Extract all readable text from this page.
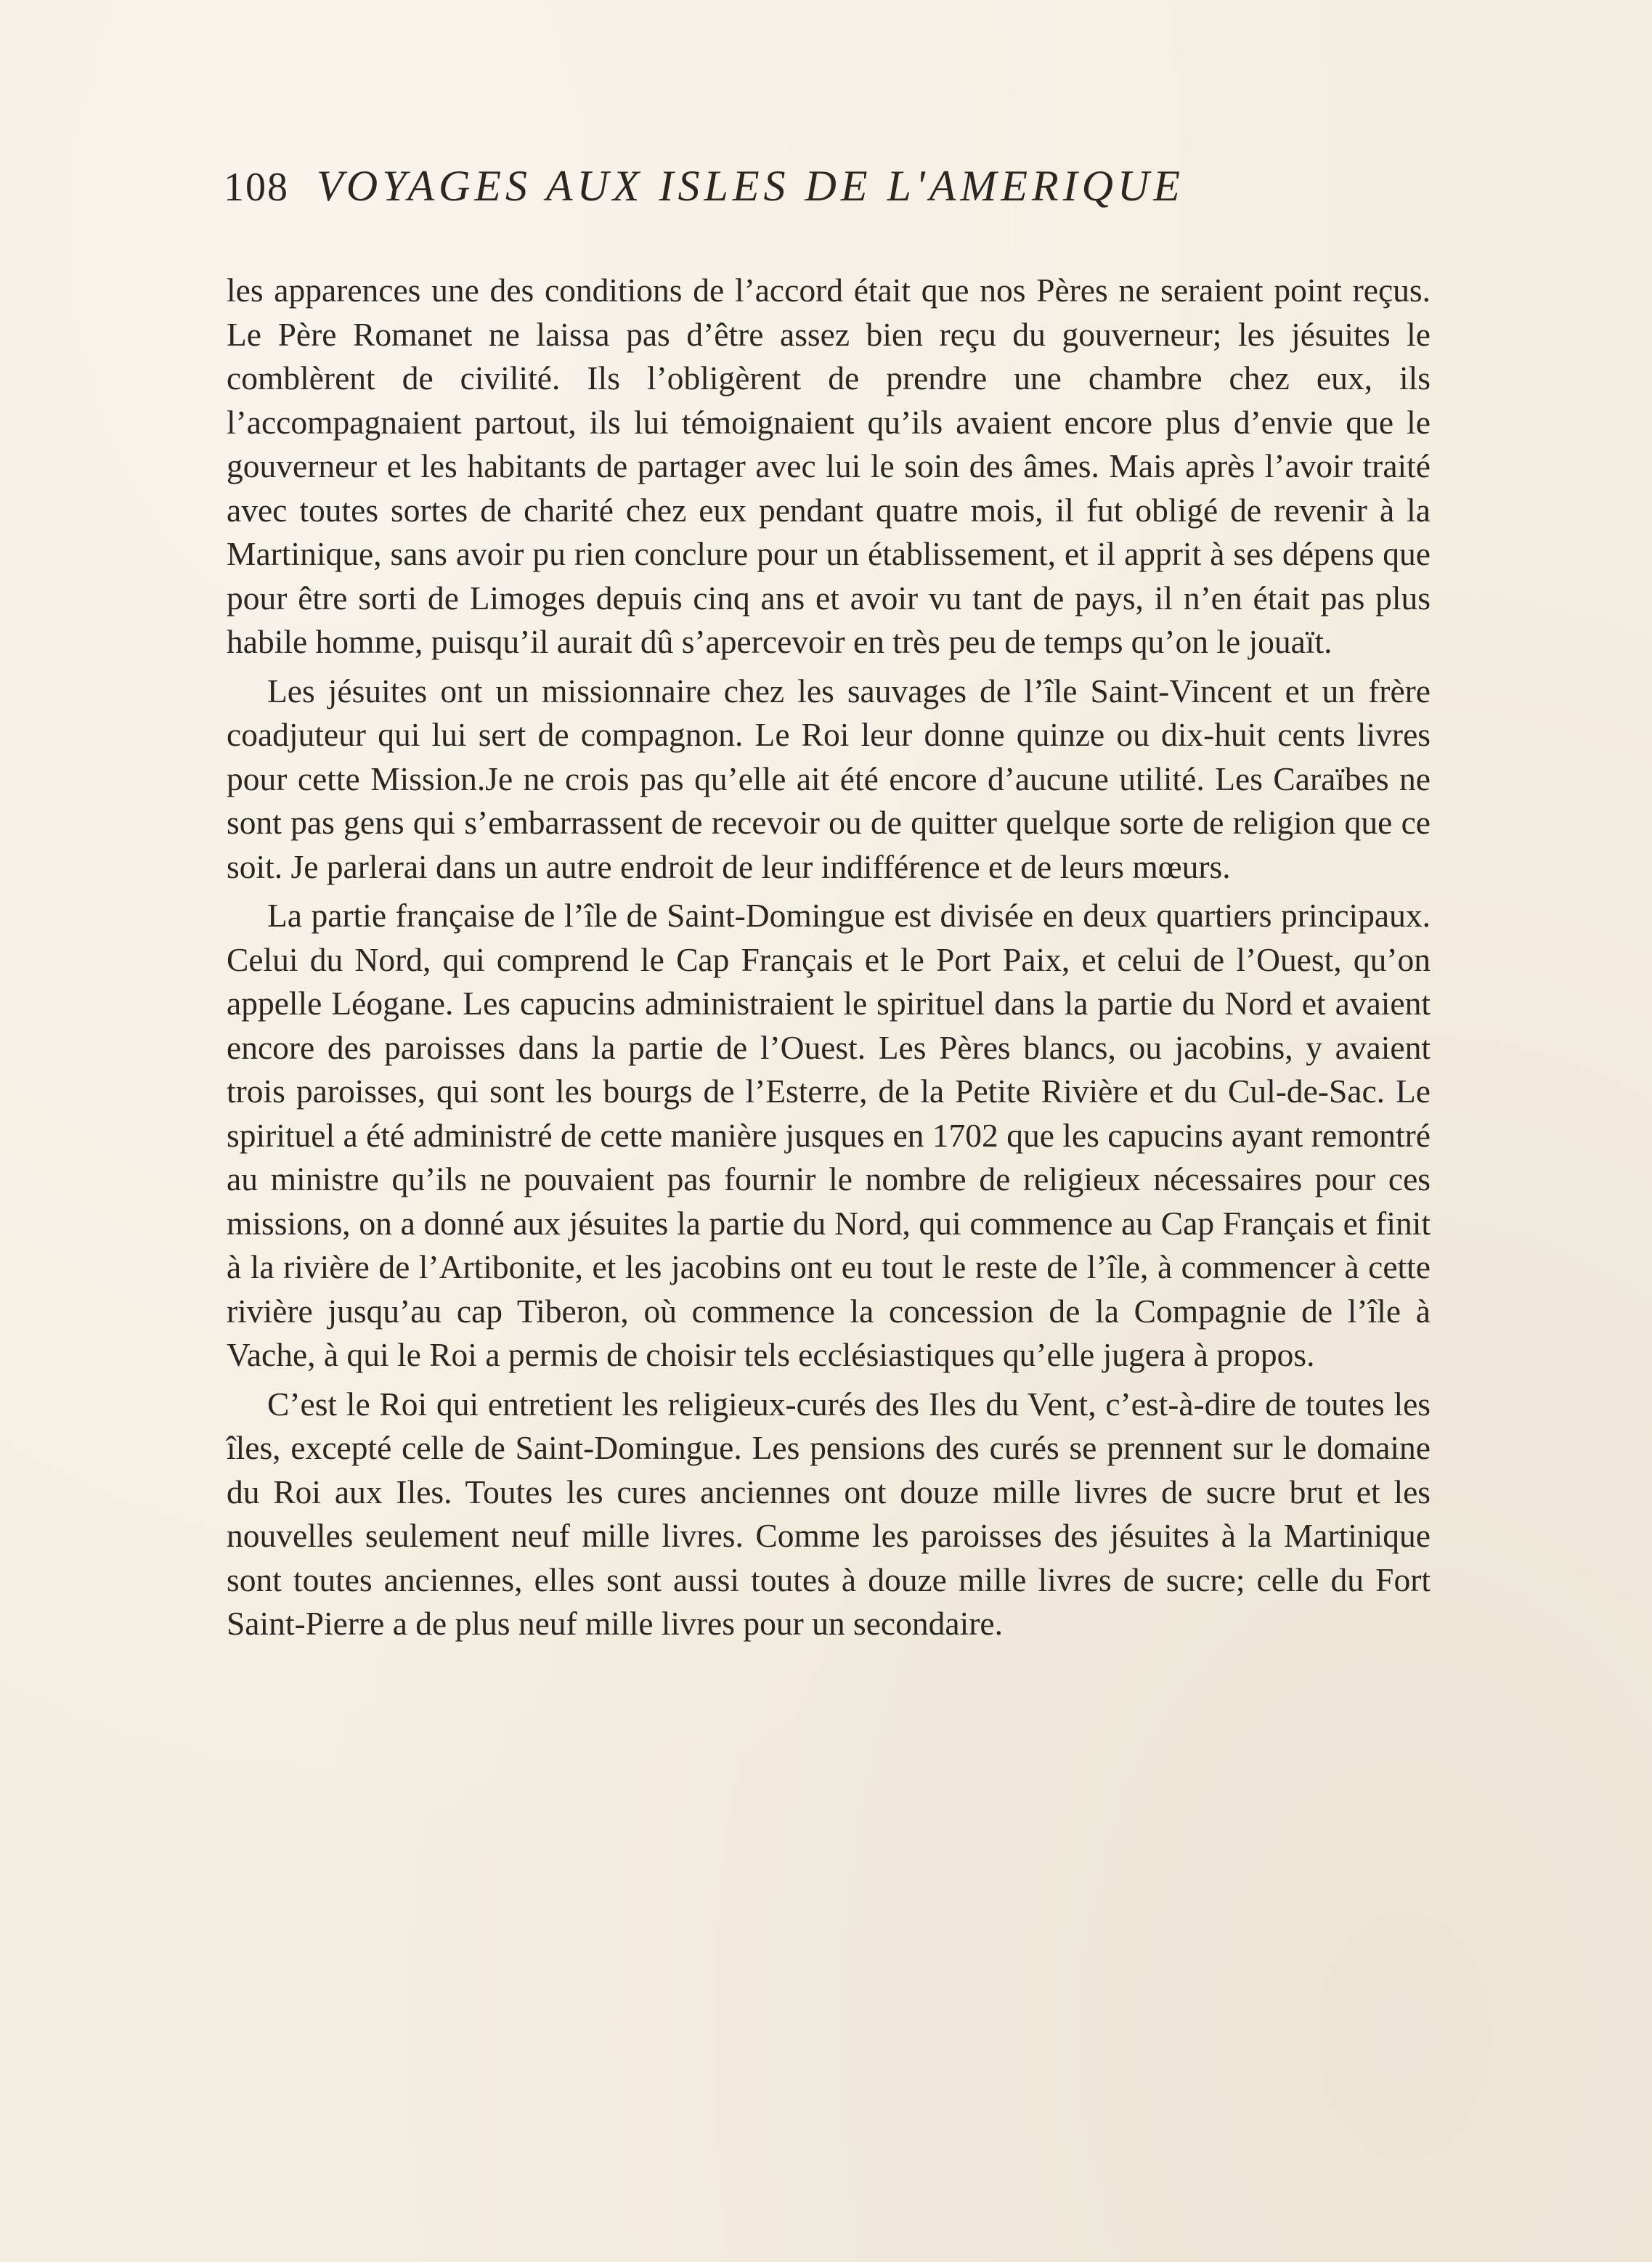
108 VOYAGES AUX ISLES DE L'AMERIQUE

les apparences une des conditions de l’accord était que nos Pères ne seraient point reçus. Le Père Romanet ne laissa pas d’être assez bien reçu du gouverneur; les jésuites le comblèrent de civilité. Ils l’obligèrent de prendre une chambre chez eux, ils l’accompagnaient partout, ils lui témoignaient qu’ils avaient encore plus d’envie que le gouverneur et les habitants de partager avec lui le soin des âmes. Mais après l’avoir traité avec toutes sortes de charité chez eux pendant quatre mois, il fut obligé de revenir à la Martinique, sans avoir pu rien conclure pour un établissement, et il apprit à ses dépens que pour être sorti de Limoges depuis cinq ans et avoir vu tant de pays, il n’en était pas plus habile homme, puisqu’il aurait dû s’apercevoir en très peu de temps qu’on le jouaït.

Les jésuites ont un missionnaire chez les sauvages de l’île Saint-Vincent et un frère coadjuteur qui lui sert de compagnon. Le Roi leur donne quinze ou dix-huit cents livres pour cette Mission.Je ne crois pas qu’elle ait été encore d’aucune utilité. Les Caraïbes ne sont pas gens qui s’embarrassent de recevoir ou de quitter quelque sorte de religion que ce soit. Je parlerai dans un autre endroit de leur indifférence et de leurs mœurs.

La partie française de l’île de Saint-Domingue est divisée en deux quartiers principaux. Celui du Nord, qui comprend le Cap Français et le Port Paix, et celui de l’Ouest, qu’on appelle Léogane. Les capucins administraient le spirituel dans la partie du Nord et avaient encore des paroisses dans la partie de l’Ouest. Les Pères blancs, ou jacobins, y avaient trois paroisses, qui sont les bourgs de l’Esterre, de la Petite Rivière et du Cul-de-Sac. Le spirituel a été administré de cette manière jusques en 1702 que les capucins ayant remontré au ministre qu’ils ne pouvaient pas fournir le nombre de religieux nécessaires pour ces missions, on a donné aux jésuites la partie du Nord, qui commence au Cap Français et finit à la rivière de l’Artibonite, et les jacobins ont eu tout le reste de l’île, à commencer à cette rivière jusqu’au cap Tiberon, où commence la concession de la Compagnie de l’île à Vache, à qui le Roi a permis de choisir tels ecclésiastiques qu’elle jugera à propos.

C’est le Roi qui entretient les religieux-curés des Iles du Vent, c’est-à-dire de toutes les îles, excepté celle de Saint-Domingue. Les pensions des curés se prennent sur le domaine du Roi aux Iles. Toutes les cures anciennes ont douze mille livres de sucre brut et les nouvelles seulement neuf mille livres. Comme les paroisses des jésuites à la Martinique sont toutes anciennes, elles sont aussi toutes à douze mille livres de sucre; celle du Fort Saint-Pierre a de plus neuf mille livres pour un secondaire.
